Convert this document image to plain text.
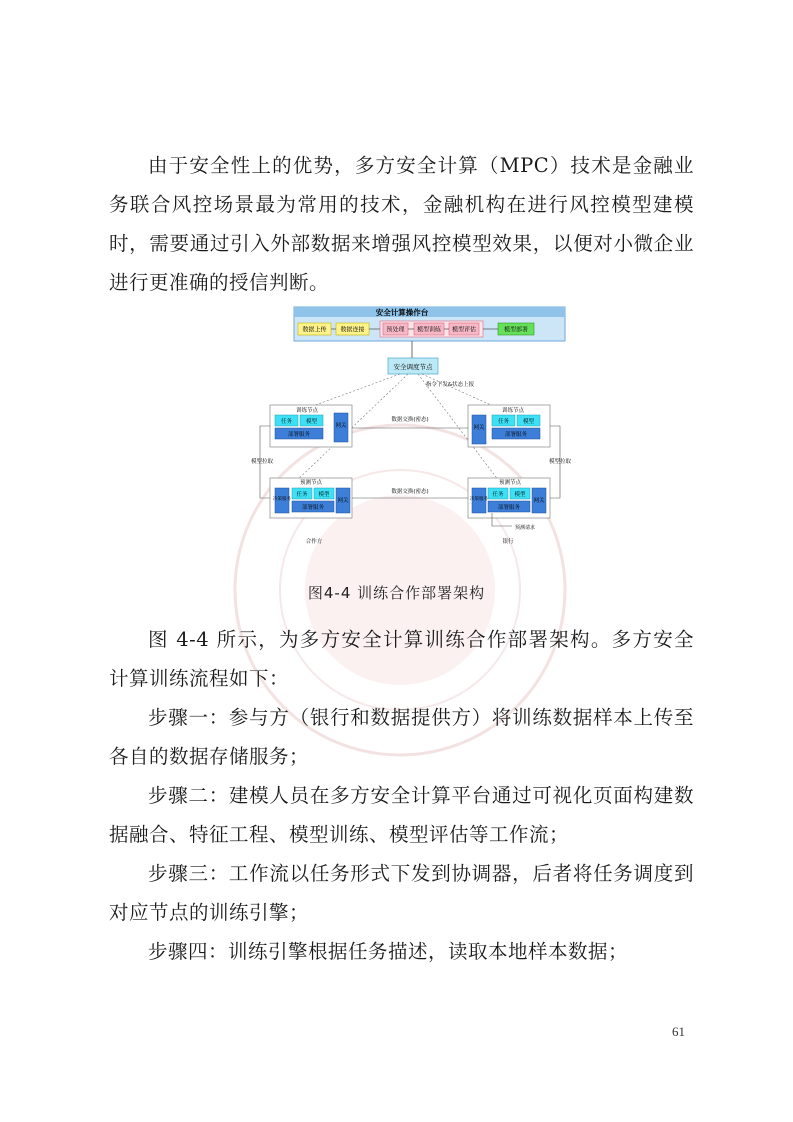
由于安全性上的优势，多方安全计算（MPC）技术是金融业务联合风控场景最为常用的技术，金融机构在进行风控模型建模时，需要通过引入外部数据来增强风控模型效果，以便对小微企业进行更准确的授信判断。

安全计算操作台
数据上传 数据连接	预处理 模型训练 模型评估	模型部署
安全调度节点
指令下发&状态上报
训练节点
任务	模型
部署服务
网关
训练节点
网关
任务	模型
部署服务
数据交换(密态)
预测节点
决策服务
任务 模型
部署服务
网关
预测节点
决策服务
任务 模型
部署服务
网关
数据交换(密态)
模型拉取	模型拉取
预测请求
合作方	银行
图4-4 训练合作部署架构

图 4-4 所示，为多方安全计算训练合作部署架构。多方安全计算训练流程如下：

步骤一：参与方（银行和数据提供方）将训练数据样本上传至各自的数据存储服务；

步骤二：建模人员在多方安全计算平台通过可视化页面构建数据融合、特征工程、模型训练、模型评估等工作流；

步骤三：工作流以任务形式下发到协调器，后者将任务调度到对应节点的训练引擎；

步骤四：训练引擎根据任务描述，读取本地样本数据；

61
